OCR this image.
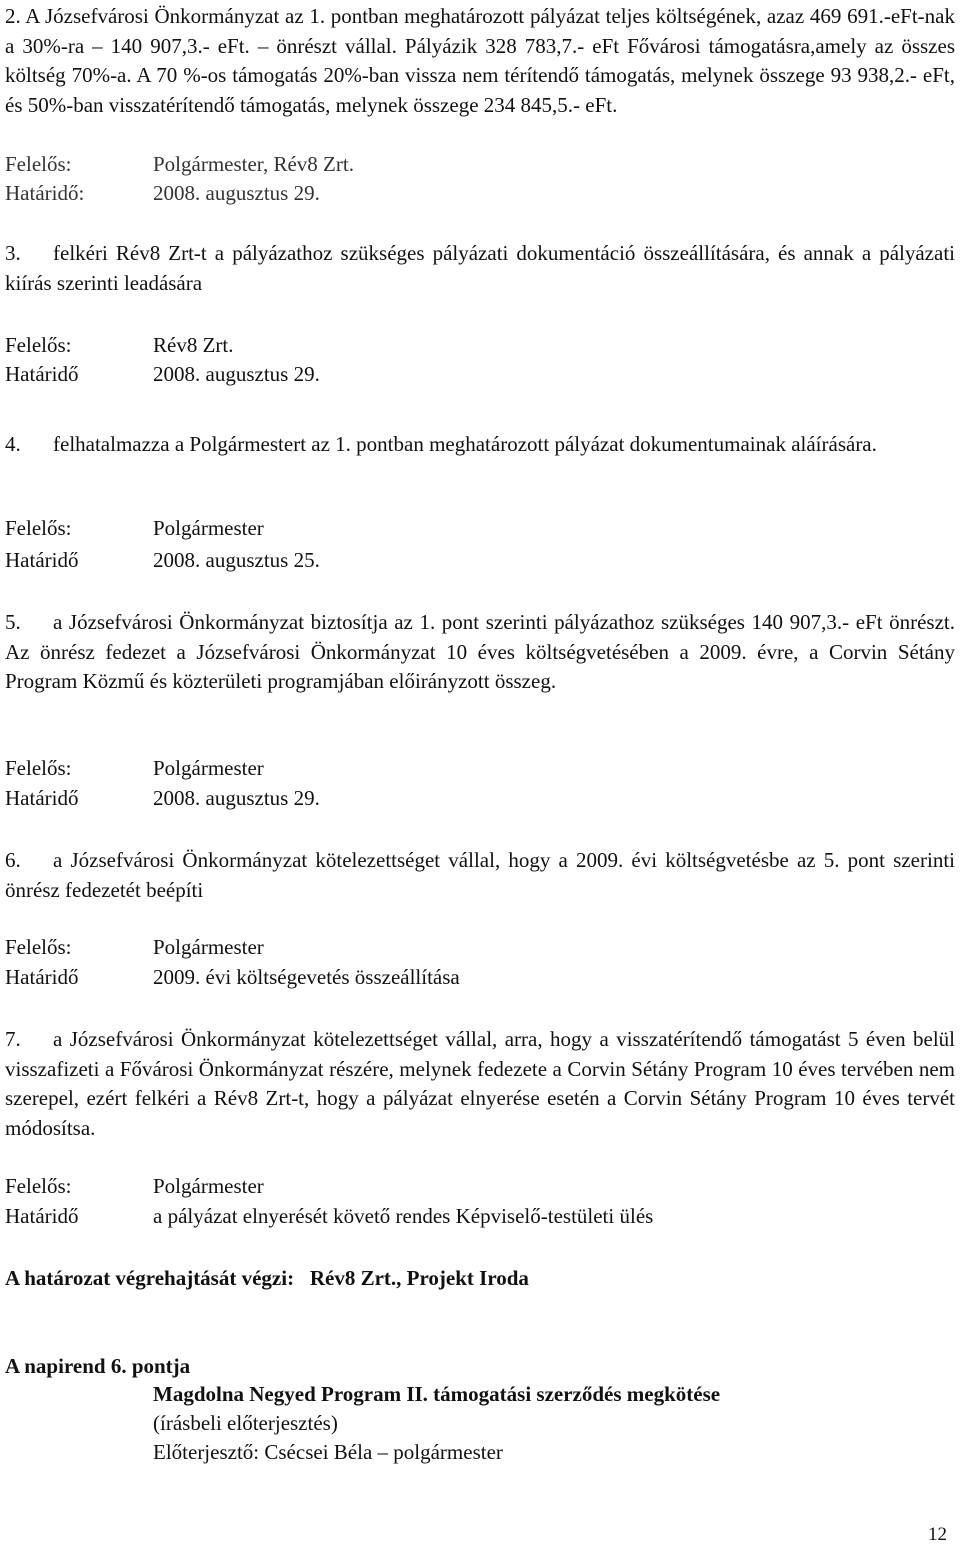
2. A Józsefvárosi Önkormányzat az 1. pontban meghatározott pályázat teljes költségének, azaz 469 691.-eFt-nak a 30%-ra – 140 907,3.- eFt. – önrészt vállal. Pályázik 328 783,7.- eFt Fővárosi támogatásra,amely az összes költség 70%-a. A 70 %-os támogatás 20%-ban vissza nem térítendő támogatás, melynek összege 93 938,2.- eFt, és 50%-ban visszatérítendő támogatás, melynek összege 234 845,5.- eFt.
Felelős:	Polgármester, Rév8 Zrt.
Határidő:	2008. augusztus 29.
3. felkéri Rév8 Zrt-t a pályázathoz szükséges pályázati dokumentáció összeállítására, és annak a pályázati kiírás szerinti leadására
Felelős:	Rév8 Zrt.
Határidő	2008. augusztus 29.
4. felhatalmazza a Polgármestert az 1. pontban meghatározott pályázat dokumentumainak aláírására.
Felelős:	Polgármester
Határidő	2008. augusztus 25.
5. a Józsefvárosi Önkormányzat biztosítja az 1. pont szerinti pályázathoz szükséges 140 907,3.- eFt önrészt. Az önrész fedezet a Józsefvárosi Önkormányzat 10 éves költségvetésében a 2009. évre, a Corvin Sétány Program Közmű és közterületi programjában előirányzott összeg.
Felelős:	Polgármester
Határidő	2008. augusztus 29.
6. a Józsefvárosi Önkormányzat kötelezettséget vállal, hogy a 2009. évi költségvetésbe az 5. pont szerinti önrész fedezetét beépíti
Felelős:	Polgármester
Határidő	2009. évi költségevetés összeállítása
7. a Józsefvárosi Önkormányzat kötelezettséget vállal, arra, hogy a visszatérítendő támogatást 5 éven belül visszafizeti a Fővárosi Önkormányzat részére, melynek fedezete a Corvin Sétány Program 10 éves tervében nem szerepel, ezért felkéri a Rév8 Zrt-t, hogy a pályázat elnyerése esetén a Corvin Sétány Program 10 éves tervét módosítsa.
Felelős:	Polgármester
Határidő	a pályázat elnyerését követő rendes Képviselő-testületi ülés
A határozat végrehajtását végzi: Rév8 Zrt., Projekt Iroda
A napirend 6. pontja
Magdolna Negyed Program II. támogatási szerződés megkötése
(írásbeli előterjesztés)
Előterjesztő: Csécsei Béla – polgármester
12
